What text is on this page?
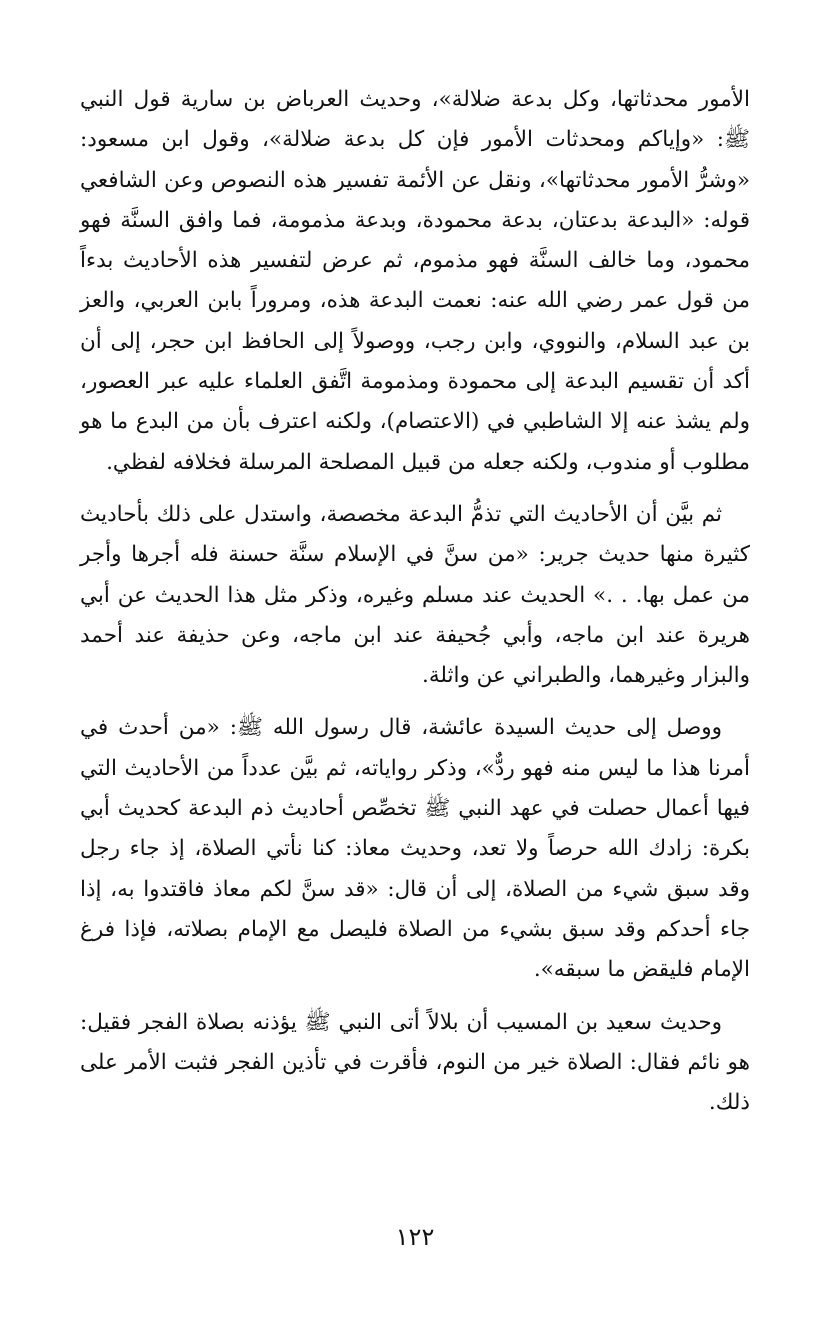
الأمور محدثاتها، وكل بدعة ضلالة»، وحديث العرباض بن سارية قول النبي ﷺ: «وإياكم ومحدثات الأمور فإن كل بدعة ضلالة»، وقول ابن مسعود: «وشرُّ الأمور محدثاتها»، ونقل عن الأئمة تفسير هذه النصوص وعن الشافعي قوله: «البدعة بدعتان، بدعة محمودة، وبدعة مذمومة، فما وافق السنَّة فهو محمود، وما خالف السنَّة فهو مذموم، ثم عرض لتفسير هذه الأحاديث بدءاً من قول عمر رضي الله عنه: نعمت البدعة هذه، ومروراً بابن العربي، والعز بن عبد السلام، والنووي، وابن رجب، ووصولاً إلى الحافظ ابن حجر، إلى أن أكد أن تقسيم البدعة إلى محمودة ومذمومة اتَّفق العلماء عليه عبر العصور، ولم يشذ عنه إلا الشاطبي في (الاعتصام)، ولكنه اعترف بأن من البدع ما هو مطلوب أو مندوب، ولكنه جعله من قبيل المصلحة المرسلة فخلافه لفظي.

ثم بيَّن أن الأحاديث التي تذمُّ البدعة مخصصة، واستدل على ذلك بأحاديث كثيرة منها حديث جرير: «من سنَّ في الإسلام سنَّة حسنة فله أجرها وأجر من عمل بها. . .» الحديث عند مسلم وغيره، وذكر مثل هذا الحديث عن أبي هريرة عند ابن ماجه، وأبي جُحيفة عند ابن ماجه، وعن حذيفة عند أحمد والبزار وغيرهما، والطبراني عن واثلة.

ووصل إلى حديث السيدة عائشة، قال رسول الله ﷺ: «من أحدث في أمرنا هذا ما ليس منه فهو ردٌّ»، وذكر رواياته، ثم بيَّن عدداً من الأحاديث التي فيها أعمال حصلت في عهد النبي ﷺ تخصِّص أحاديث ذم البدعة كحديث أبي بكرة: زادك الله حرصاً ولا تعد، وحديث معاذ: كنا نأتي الصلاة، إذ جاء رجل وقد سبق شيء من الصلاة، إلى أن قال: «قد سنَّ لكم معاذ فاقتدوا به، إذا جاء أحدكم وقد سبق بشيء من الصلاة فليصل مع الإمام بصلاته، فإذا فرغ الإمام فليقض ما سبقه».

وحديث سعيد بن المسيب أن بلالاً أتى النبي ﷺ يؤذنه بصلاة الفجر فقيل: هو نائم فقال: الصلاة خير من النوم، فأقرت في تأذين الفجر فثبت الأمر على ذلك.

١٢٢
